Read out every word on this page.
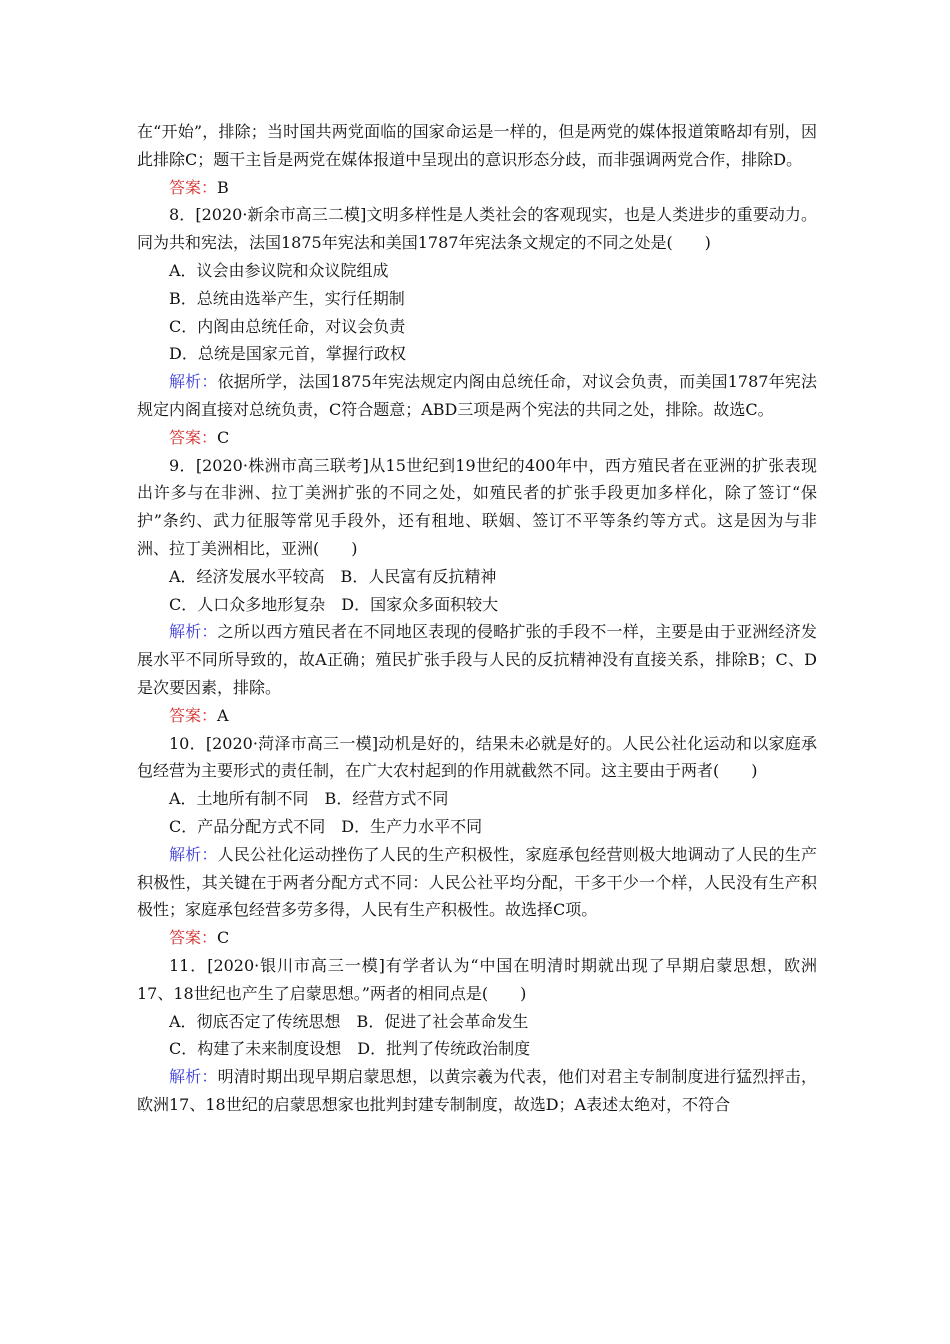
在“开始”，排除；当时国共两党面临的国家命运是一样的，但是两党的媒体报道策略却有别，因此排除C；题干主旨是两党在媒体报道中呈现出的意识形态分歧，而非强调两党合作，排除D。

答案：B

8．[2020·新余市高三二模]文明多样性是人类社会的客观现实，也是人类进步的重要动力。同为共和宪法，法国1875年宪法和美国1787年宪法条文规定的不同之处是(　　)

A．议会由参议院和众议院组成

B．总统由选举产生，实行任期制

C．内阁由总统任命，对议会负责

D．总统是国家元首，掌握行政权

解析：依据所学，法国1875年宪法规定内阁由总统任命，对议会负责，而美国1787年宪法规定内阁直接对总统负责，C符合题意；ABD三项是两个宪法的共同之处，排除。故选C。

答案：C

9．[2020·株洲市高三联考]从15世纪到19世纪的400年中，西方殖民者在亚洲的扩张表现出许多与在非洲、拉丁美洲扩张的不同之处，如殖民者的扩张手段更加多样化，除了签订“保护”条约、武力征服等常见手段外，还有租地、联姻、签订不平等条约等方式。这是因为与非洲、拉丁美洲相比，亚洲(　　)

A．经济发展水平较高　B．人民富有反抗精神

C．人口众多地形复杂　D．国家众多面积较大

解析：之所以西方殖民者在不同地区表现的侵略扩张的手段不一样，主要是由于亚洲经济发展水平不同所导致的，故A正确；殖民扩张手段与人民的反抗精神没有直接关系，排除B；C、D是次要因素，排除。

答案：A

10．[2020·菏泽市高三一模]动机是好的，结果未必就是好的。人民公社化运动和以家庭承包经营为主要形式的责任制，在广大农村起到的作用就截然不同。这主要由于两者(　　)

A．土地所有制不同　B．经营方式不同

C．产品分配方式不同　D．生产力水平不同

解析：人民公社化运动挫伤了人民的生产积极性，家庭承包经营则极大地调动了人民的生产积极性，其关键在于两者分配方式不同：人民公社平均分配，干多干少一个样，人民没有生产积极性；家庭承包经营多劳多得，人民有生产积极性。故选择C项。

答案：C

11．[2020·银川市高三一模]有学者认为“中国在明清时期就出现了早期启蒙思想，欧洲17、18世纪也产生了启蒙思想。”两者的相同点是(　　)

A．彻底否定了传统思想　B．促进了社会革命发生

C．构建了未来制度设想　D．批判了传统政治制度

解析：明清时期出现早期启蒙思想，以黄宗羲为代表，他们对君主专制制度进行猛烈抨击，欧洲17、18世纪的启蒙思想家也批判封建专制制度，故选D；A表述太绝对，不符合
